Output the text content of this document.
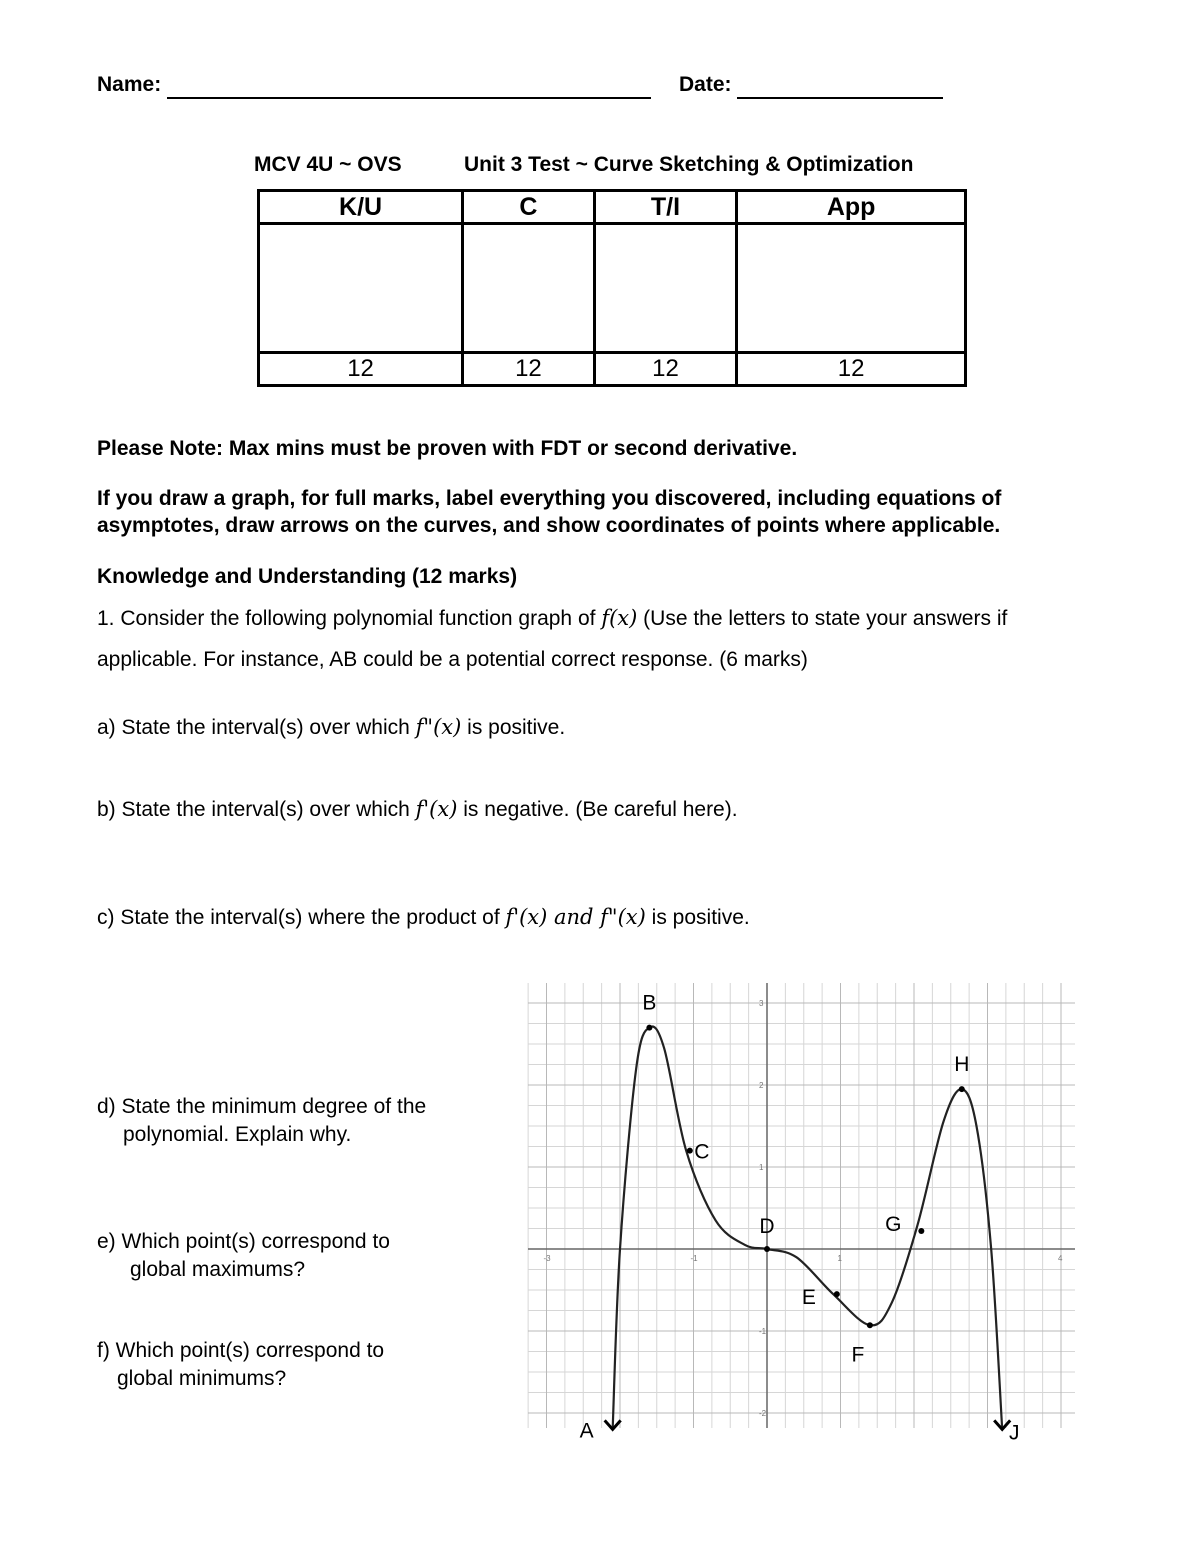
Name:	Date:
MCV 4U ~ OVS	Unit 3 Test ~ Curve Sketching & Optimization
K/U	C	T/I	App

12	12	12	12
Please Note: Max mins must be proven with FDT or second derivative.
If you draw a graph, for full marks, label everything you discovered, including equations of
asymptotes, draw arrows on the curves, and show coordinates of points where applicable.
Knowledge and Understanding (12 marks)
1. Consider the following polynomial function graph of f(x) (Use the letters to state your answers if
applicable. For instance, AB could be a potential correct response. (6 marks)
a) State the interval(s) over which f"(x) is positive.
b) State the interval(s) over which f'(x) is negative. (Be careful here).
c) State the interval(s) where the product of f'(x) and f"(x) is positive.
d) State the minimum degree of the
polynomial. Explain why.
e) Which point(s) correspond to
global maximums?
f) Which point(s) correspond to
global minimums?
-3	-1	1	4
3
2
1
-1
-2
A
B
C
D
E
F
G
H
J
